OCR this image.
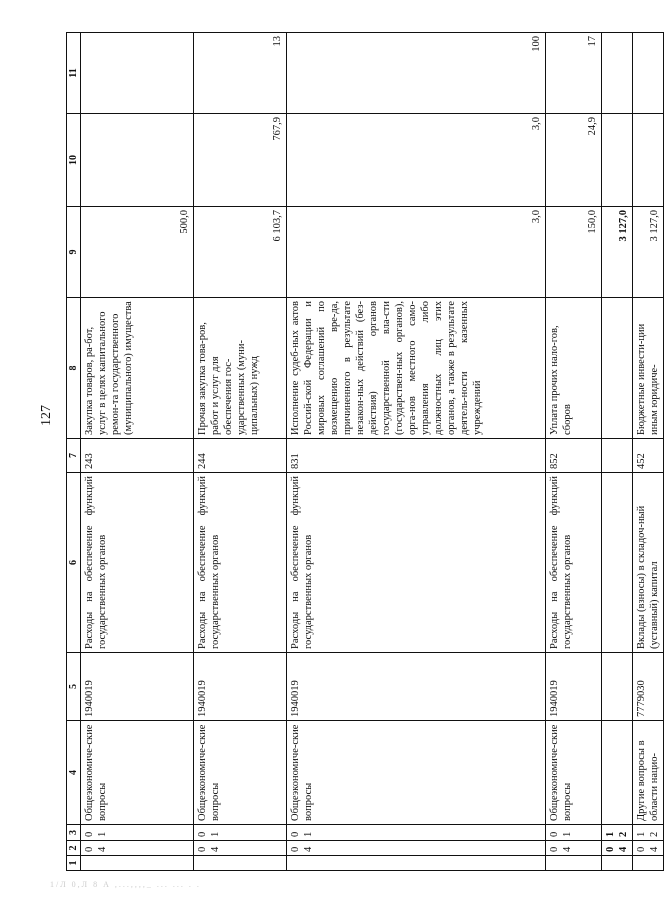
127
1	2	3	4	5	6	7	8	9	10	11
	04	01	Общеэкономиче-ские вопросы	1940019	Расходы на обеспечение функций государственных органов	243	Закупка товаров, ра-бот, услуг в целях капитального ремон-та государственного (муниципального) имущества	500,0		
	04	01	Общеэкономиче-ские вопросы	1940019	Расходы на обеспечение функций государственных органов	244	Прочая закупка това-ров, работ и услуг для обеспечения гос-ударственных (муни-ципальных) нужд	6 103,7	767,9	13
	04	01	Общеэкономиче-ские вопросы	1940019	Расходы на обеспечение функций государственных органов	831	Исполнение судеб-ных актов Россий-ской Федерации и мировых соглашений по возмещению вре-да, причиненного в результате незакон-ных действий (без-действия) органов государственной вла-сти (государствен-ных органов), орга-нов местного само-управления либо должностных лиц этих органов, а также в результате деятель-ности казенных учреждений	3,0	3,0	100
	04	01	Общеэкономиче-ские вопросы	1940019	Расходы на обеспечение функций государственных органов	852	Уплата прочих нало-гов, сборов	150,0	24,9	17
	04	12						3 127,0		
	04	12	Другие вопросы в области нацио-	7779030	Вклады (взносы) в складоч-ный (уставный) капитал	452	Бюджетные инвести-ции иным юридиче-	3 127,0		
1/Л 0,Л 8 А ,...,,,,_ ... ... . .
